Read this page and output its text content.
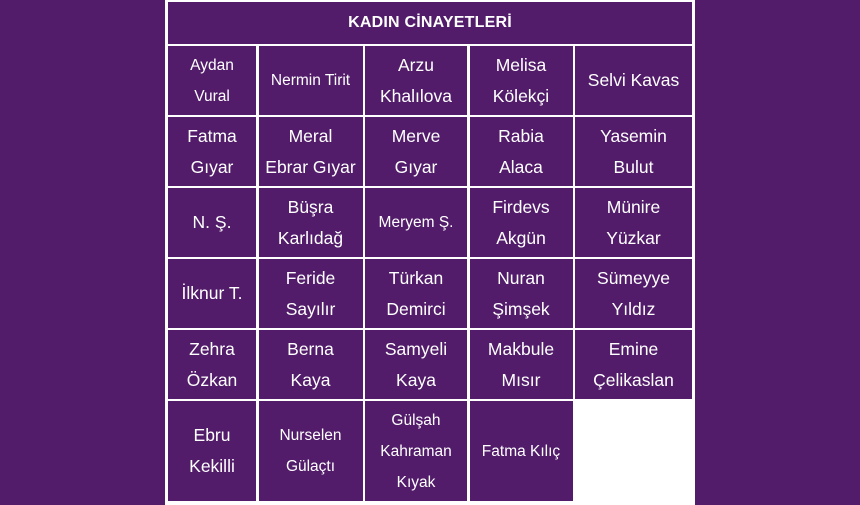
KADIN CİNAYETLERİ
Aydan
Vural
Nermin Tirit
Arzu
Khalılova
Melisa
Kölekçi
Selvi Kavas
Fatma
Gıyar
Meral
Ebrar Gıyar
Merve
Gıyar
Rabia
Alaca
Yasemin
Bulut
N. Ş.
Büşra
Karlıdağ
Meryem Ş.
Firdevs
Akgün
Münire
Yüzkar
İlknur T.
Feride
Sayılır
Türkan
Demirci
Nuran
Şimşek
Sümeyye
Yıldız
Zehra
Özkan
Berna
Kaya
Samyeli
Kaya
Makbule
Mısır
Emine
Çelikaslan
Ebru
Kekilli
Nurselen
Gülaçtı
Gülşah
Kahraman
Kıyak
Fatma Kılıç
